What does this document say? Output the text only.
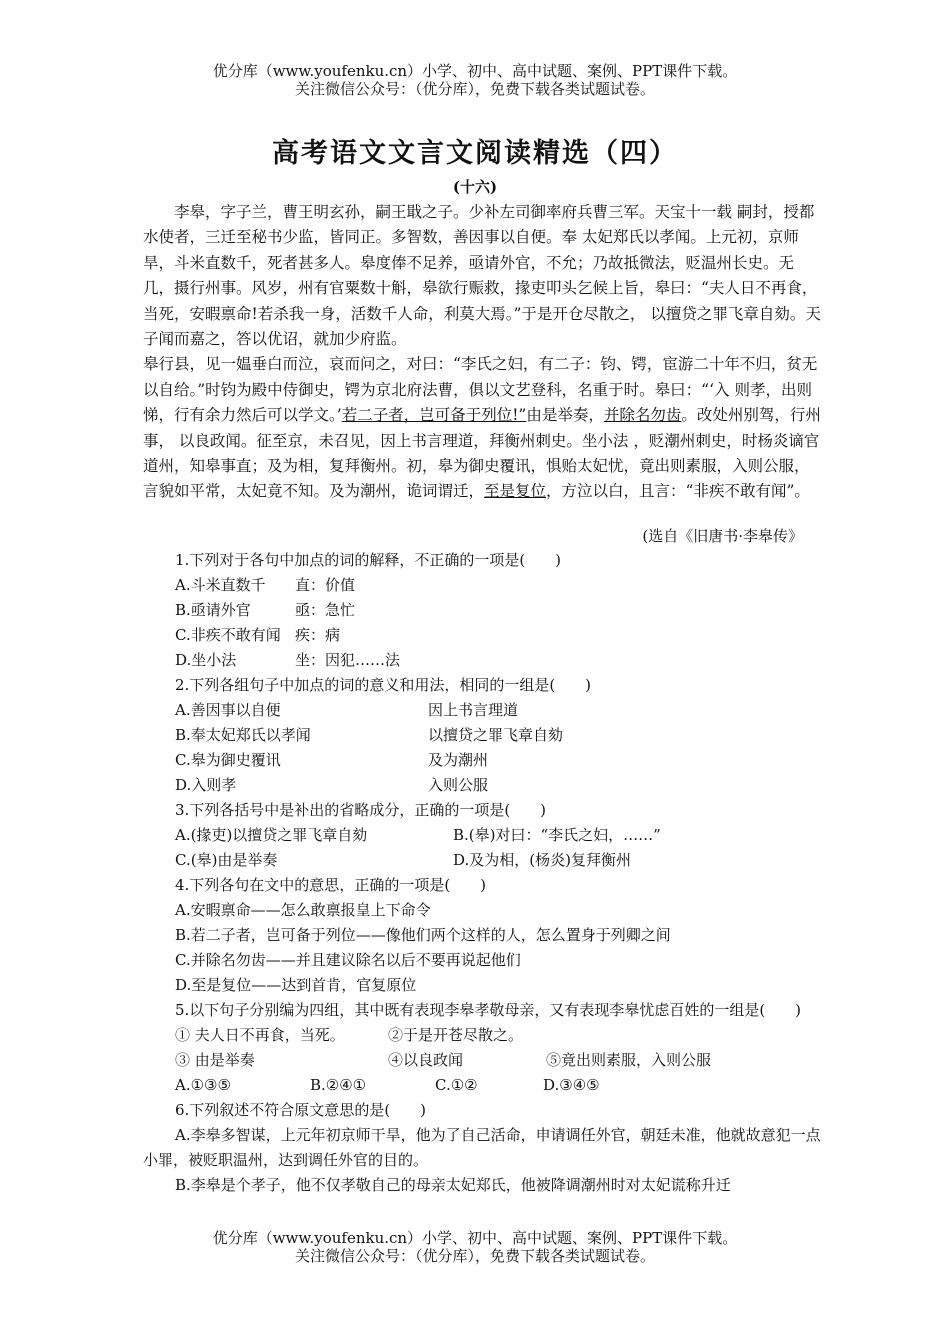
优分库（www.youfenku.cn）小学、初中、高中试题、案例、PPT课件下载。
关注微信公众号：（优分库），免费下载各类试题试卷。
高考语文文言文阅读精选（四）
(十六)

李皋，字子兰，曹王明玄孙，嗣王戢之子。少补左司御率府兵曹三军。天宝十一载 嗣封，授都水使者，三迁至秘书少监，皆同正。多智数，善因事以自便。奉 太妃郑氏以孝闻。上元初，京师旱，斗米直数千，死者甚多人。皋度俸不足养，亟请外官，不允；乃故抵微法，贬温州长史。无几，摄行州事。风岁，州有官粟数十斛，皋欲行赈救，掾吏叩头乞候上旨，皋曰：“夫人日不再食， 当死，安暇禀命!若杀我一身，活数千人命，利莫大焉。”于是开仓尽散之， 以擅贷之罪飞章自劾。天子闻而嘉之，答以优诏，就加少府监。

皋行县，见一媪垂白而泣，哀而问之，对曰：“李氏之妇，有二子：钧、锷，宦游二十年不归，贫无 以自给。”时钧为殿中侍御史，锷为京北府法曹，俱以文艺登科，名重于时。皋曰：“‘入 则孝，出则悌，行有余力然后可以学文。’若二子者，岂可备于列位!”由是举奏，并除名勿齿。改处州别驾，行州事， 以良政闻。征至京，未召见，因上书言理道，拜衡州刺史。坐小法 ，贬潮州刺史，时杨炎谪官道州，知皋事直；及为相，复拜衡州。初，皋为御史覆讯，惧贻太妃忧，竟出则素服，入则公服，言貌如平常，太妃竟不知。及为潮州，诡词谓迁，至是复位，方泣以白，且言：“非疾不敢有闻”。

(选自《旧唐书·李皋传》
1.下列对于各句中加点的词的解释，不正确的一项是(　　)
A.斗米直数千	直：价值
B.亟请外官	亟：急忙
C.非疾不敢有闻 疾：病
D.坐小法	坐：因犯……法
2.下列各组句子中加点的词的意义和用法，相同的一组是(　　)
A.善因事以自便	因上书言理道
B.奉太妃郑氏以孝闻	以擅贷之罪飞章自劾
C.皋为御史覆讯	及为潮州
D.入则孝	入则公服
3.下列各括号中是补出的省略成分，正确的一项是(　　)
A.(掾吏)以擅贷之罪飞章自劾	B.(皋)对曰：“李氏之妇，……”
C.(皋)由是举奏	D.及为相，(杨炎)复拜衡州
4.下列各句在文中的意思，正确的一项是(　　)
A.安暇禀命——怎么敢禀报皇上下命令
B.若二子者，岂可备于列位——像他们两个这样的人，怎么置身于列卿之间
C.并除名勿齿——并且建议除名以后不要再说起他们
D.至是复位——达到首肯，官复原位
5.以下句子分别编为四组，其中既有表现李皋孝敬母亲，又有表现李皋忧虑百姓的一组是(　　)
① 夫人日不再食，当死。	②于是开苍尽散之。
③ 由是举奏	④以良政闻	⑤竟出则素服，入则公服
A.①③⑤	B.②④①	C.①②	D.③④⑤
6.下列叙述不符合原文意思的是(　　)
A.李皋多智谋，上元年初京师干旱，他为了自己活命，申请调任外官，朝廷未准，他就故意犯一点小罪，被贬职温州，达到调任外官的目的。
B.李皋是个孝子，他不仅孝敬自己的母亲太妃郑氏，他被降调潮州时对太妃谎称升迁
优分库（www.youfenku.cn）小学、初中、高中试题、案例、PPT课件下载。
关注微信公众号：（优分库），免费下载各类试题试卷。
